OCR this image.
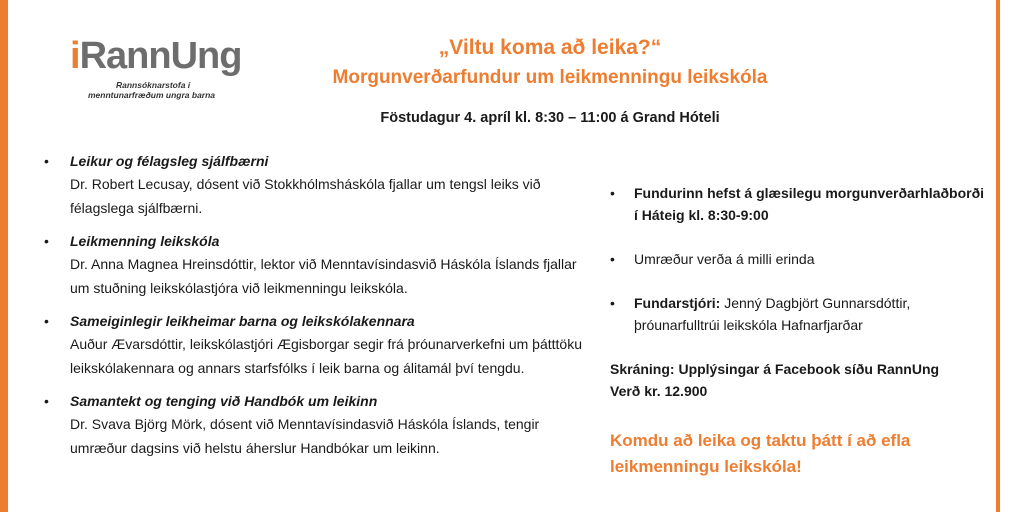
iRannUng
Rannsóknarstofa í
menntunarfræðum ungra barna
„Viltu koma að leika?“
Morgunverðarfundur um leikmenningu leikskóla
Föstudagur 4. apríl kl. 8:30 – 11:00 á Grand Hóteli
• Leikur og félagsleg sjálfbærni
Dr. Robert Lecusay, dósent við Stokkhólmsháskóla fjallar um tengsl leiks við félagslega sjálfbærni.
• Leikmenning leikskóla
Dr. Anna Magnea Hreinsdóttir, lektor við Menntavísindasvið Háskóla Íslands fjallar um stuðning leikskólastjóra við leikmenningu leikskóla.
• Sameiginlegir leikheimar barna og leikskólakennara
Auður Ævarsdóttir, leikskólastjóri Ægisborgar segir frá þróunarverkefni um þátttöku leikskólakennara og annars starfsfólks í leik barna og álitamál því tengdu.
• Samantekt og tenging við Handbók um leikinn
Dr. Svava Björg Mörk, dósent við Menntavísindasvið Háskóla Íslands, tengir umræður dagsins við helstu áherslur Handbókar um leikinn.
• Fundurinn hefst á glæsilegu morgunverðarhlaðborði í Háteig kl. 8:30-9:00
• Umræður verða á milli erinda
• Fundarstjóri: Jenný Dagbjört Gunnarsdóttir, þróunarfulltrúi leikskóla Hafnarfjarðar
Skráning: Upplýsingar á Facebook síðu RannUng
Verð kr. 12.900
Komdu að leika og taktu þátt í að efla leikmenningu leikskóla!
